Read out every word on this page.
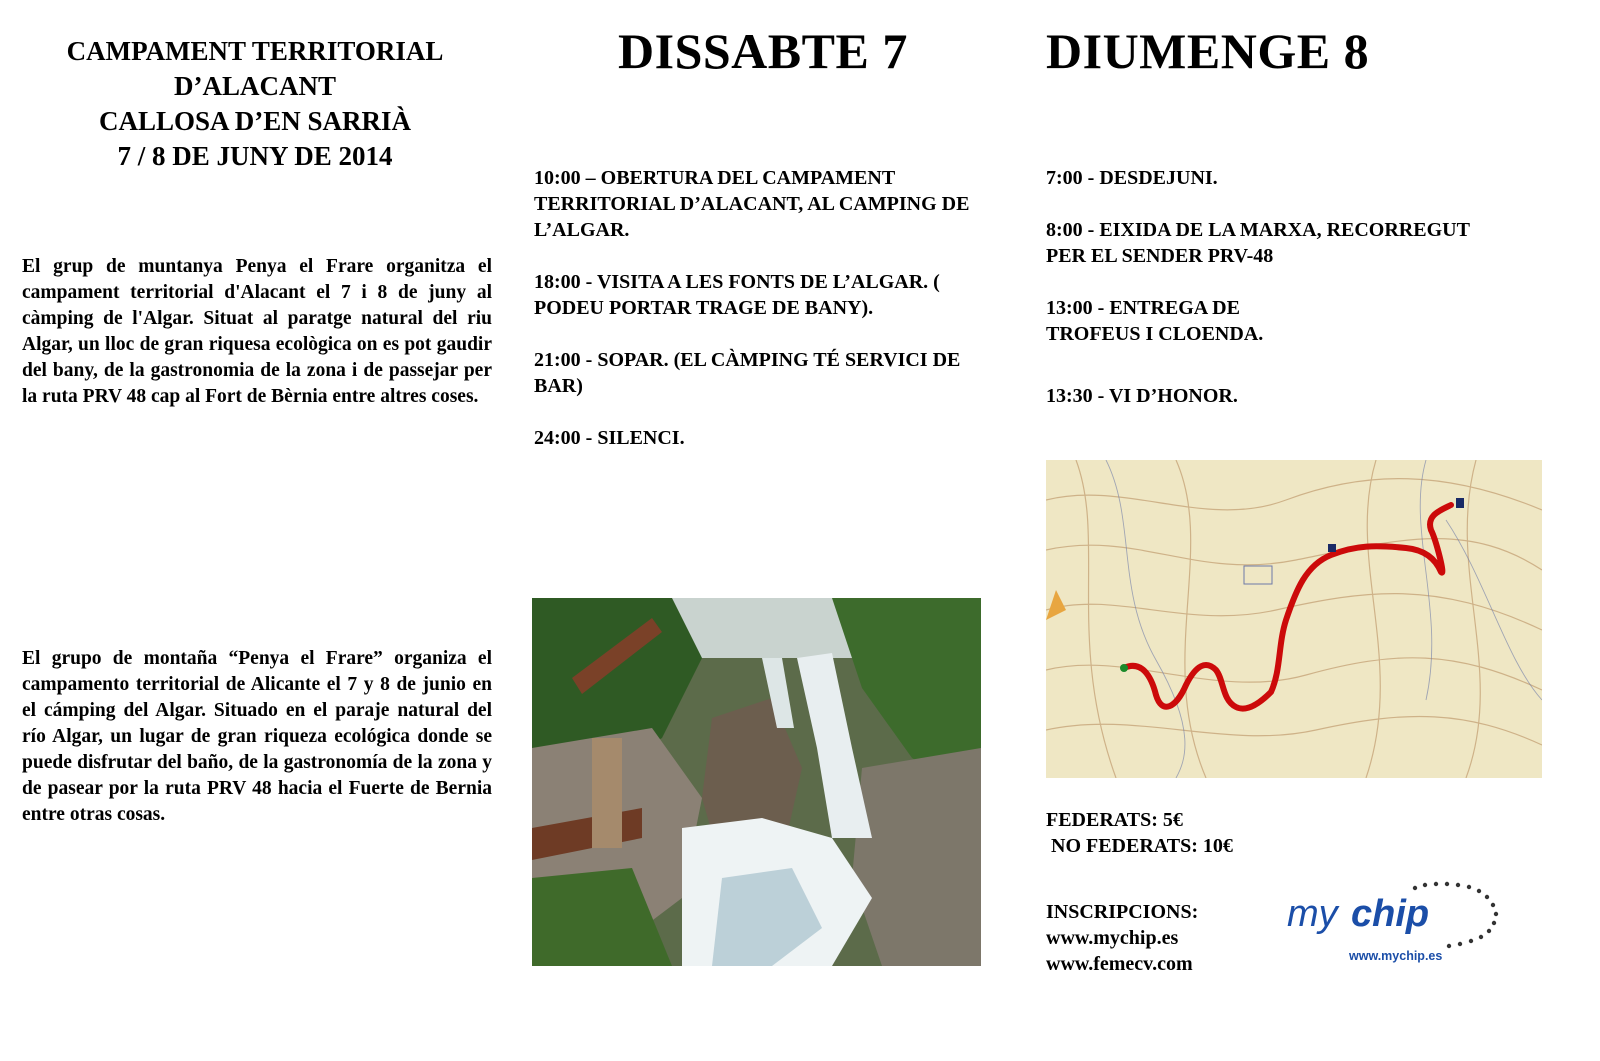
CAMPAMENT TERRITORIAL
D’ALACANT
CALLOSA D’EN SARRIÀ
7 / 8 DE JUNY DE 2014
DISSABTE 7	DIUMENGE 8
El grup de muntanya Penya el Frare organitza el campament territorial d'Alacant el 7 i 8 de juny al càmping de l'Algar. Situat al paratge natural del riu Algar, un lloc de gran riquesa ecològica on es pot gaudir del bany, de la gastronomia de la zona i de passejar per la ruta PRV 48 cap al Fort de Bèrnia entre altres coses.
El grupo de montaña “Penya el Frare” organiza el campamento territorial de Alicante el 7 y 8 de junio en el cámping del Algar. Situado en el paraje natural del río Algar, un lugar de gran riqueza ecológica donde se puede disfrutar del baño, de la gastronomía de la zona y de pasear por la ruta PRV 48 hacia el Fuerte de Bernia entre otras cosas.

10:00 – OBERTURA DEL CAMPAMENT TERRITORIAL D’ALACANT, AL CAMPING DE L’ALGAR.

18:00 - VISITA A LES FONTS DE L’ALGAR. ( PODEU PORTAR TRAGE DE BANY).

21:00 - SOPAR. (EL CÀMPING TÉ SERVICI DE BAR)

24:00 - SILENCI.

7:00 - DESDEJUNI.

8:00 - EIXIDA DE LA MARXA, RECORREGUT PER EL SENDER PRV-48

13:00 - ENTREGA DE TROFEUS I CLOENDA.

13:30 - VI D’HONOR.

FEDERATS: 5€
NO FEDERATS: 10€
INSCRIPCIONS:
www.mychip.es
www.femecv.com
my chip
www.mychip.es
